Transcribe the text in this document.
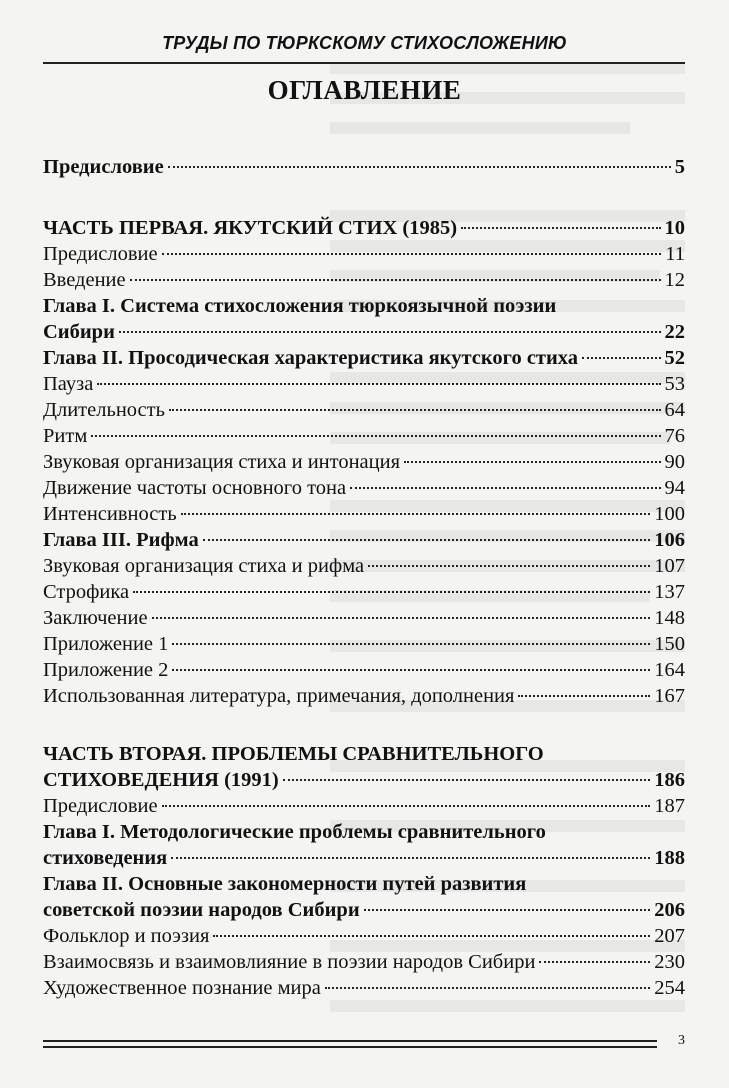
ТРУДЫ ПО ТЮРКСКОМУ СТИХОСЛОЖЕНИЮ
ОГЛАВЛЕНИЕ
Предисловие	5
ЧАСТЬ ПЕРВАЯ. ЯКУТСКИЙ СТИХ (1985)	10
Предисловие	11
Введение	12
Глава I. Система стихосложения тюркоязычной поэзии
Сибири	22
Глава II. Просодическая характеристика якутского стиха	52
Пауза	53
Длительность	64
Ритм	76
Звуковая организация стиха и интонация	90
Движение частоты основного тона	94
Интенсивность	100
Глава III. Рифма	106
Звуковая организация стиха и рифма	107
Строфика	137
Заключение	148
Приложение 1	150
Приложение 2	164
Использованная литература, примечания, дополнения	167
ЧАСТЬ ВТОРАЯ. ПРОБЛЕМЫ СРАВНИТЕЛЬНОГО
СТИХОВЕДЕНИЯ (1991)	186
Предисловие	187
Глава I. Методологические проблемы сравнительного
стиховедения	188
Глава II. Основные закономерности путей развития
советской поэзии народов Сибири	206
Фольклор и поэзия	207
Взаимосвязь и взаимовлияние в поэзии народов Сибири	230
Художественное познание мира	254
3
